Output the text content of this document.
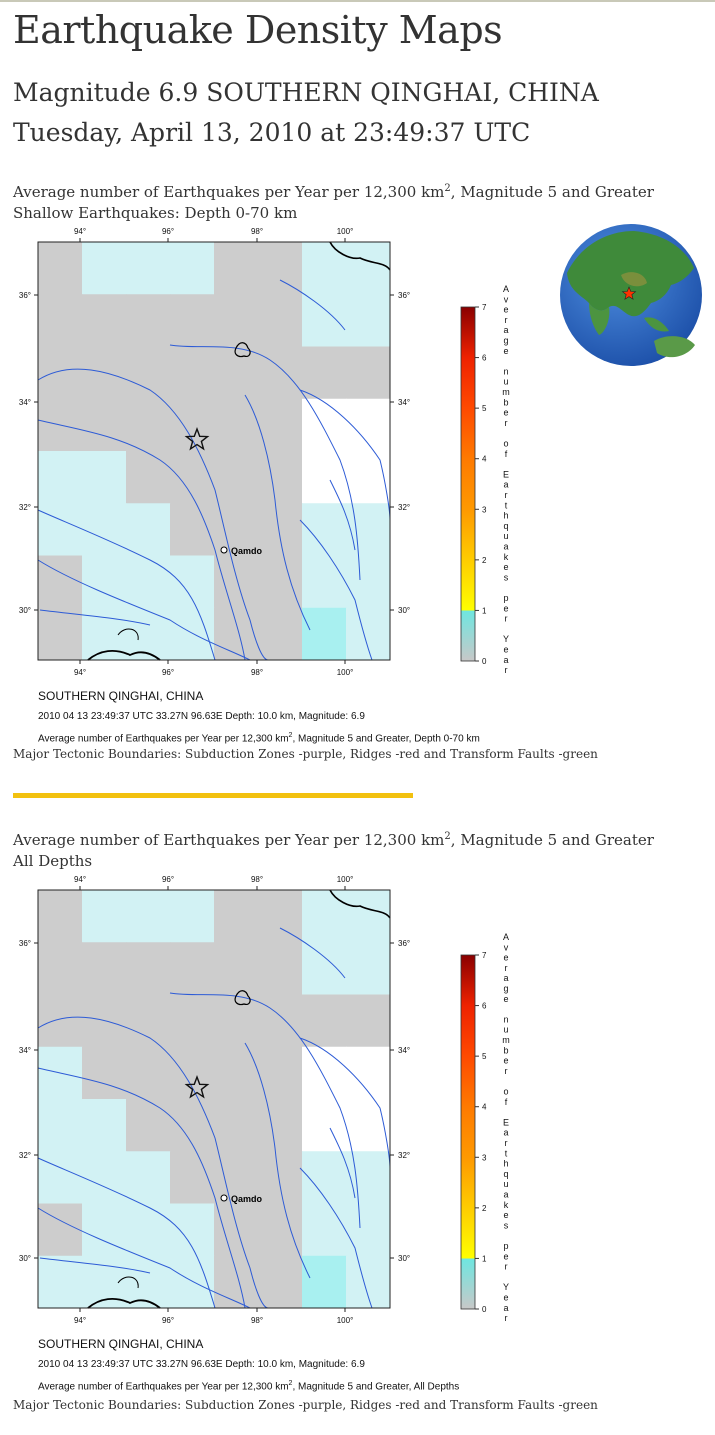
Earthquake Density Maps
Magnitude 6.9 SOUTHERN QINGHAI, CHINA
Tuesday, April 13, 2010 at 23:49:37 UTC
Average number of Earthquakes per Year per 12,300 $km^2$, Magnitude 5 and Greater
Shallow Earthquakes: Depth 0-70 km
Qamdo
94°
94°
96°
96°
98°
98°
100°
100°
36°	36°
34°	34°
32°	32°
30°	30°
0
1
2
3
4
5
6
7
A
v
e
r
a
g
e
n
u
m
b
e
r
o
f
E
a
r
t
h
q
u
a
k
e
s
p
e
r
Y
e
a
r
SOUTHERN QINGHAI, CHINA
2010 04 13 23:49:37 UTC 33.27N 96.63E Depth: 10.0 km, Magnitude: 6.9
Average number of Earthquakes per Year per 12,300 $km^2$, Magnitude 5 and Greater, Depth 0-70 km
Major Tectonic Boundaries: Subduction Zones -purple, Ridges -red and Transform Faults -green
Average number of Earthquakes per Year per 12,300 $km^2$, Magnitude 5 and Greater
All Depths
Qamdo
94°
94°
96°
96°
98°
98°
100°
100°
36°	36°
34°	34°
32°	32°
30°	30°
0
1
2
3
4
5
6
7
A
v
e
r
a
g
e
n
u
m
b
e
r
o
f
E
a
r
t
h
q
u
a
k
e
s
p
e
r
Y
e
a
r
SOUTHERN QINGHAI, CHINA
2010 04 13 23:49:37 UTC 33.27N 96.63E Depth: 10.0 km, Magnitude: 6.9
Average number of Earthquakes per Year per 12,300 $km^2$, Magnitude 5 and Greater, All Depths
Major Tectonic Boundaries: Subduction Zones -purple, Ridges -red and Transform Faults -green
